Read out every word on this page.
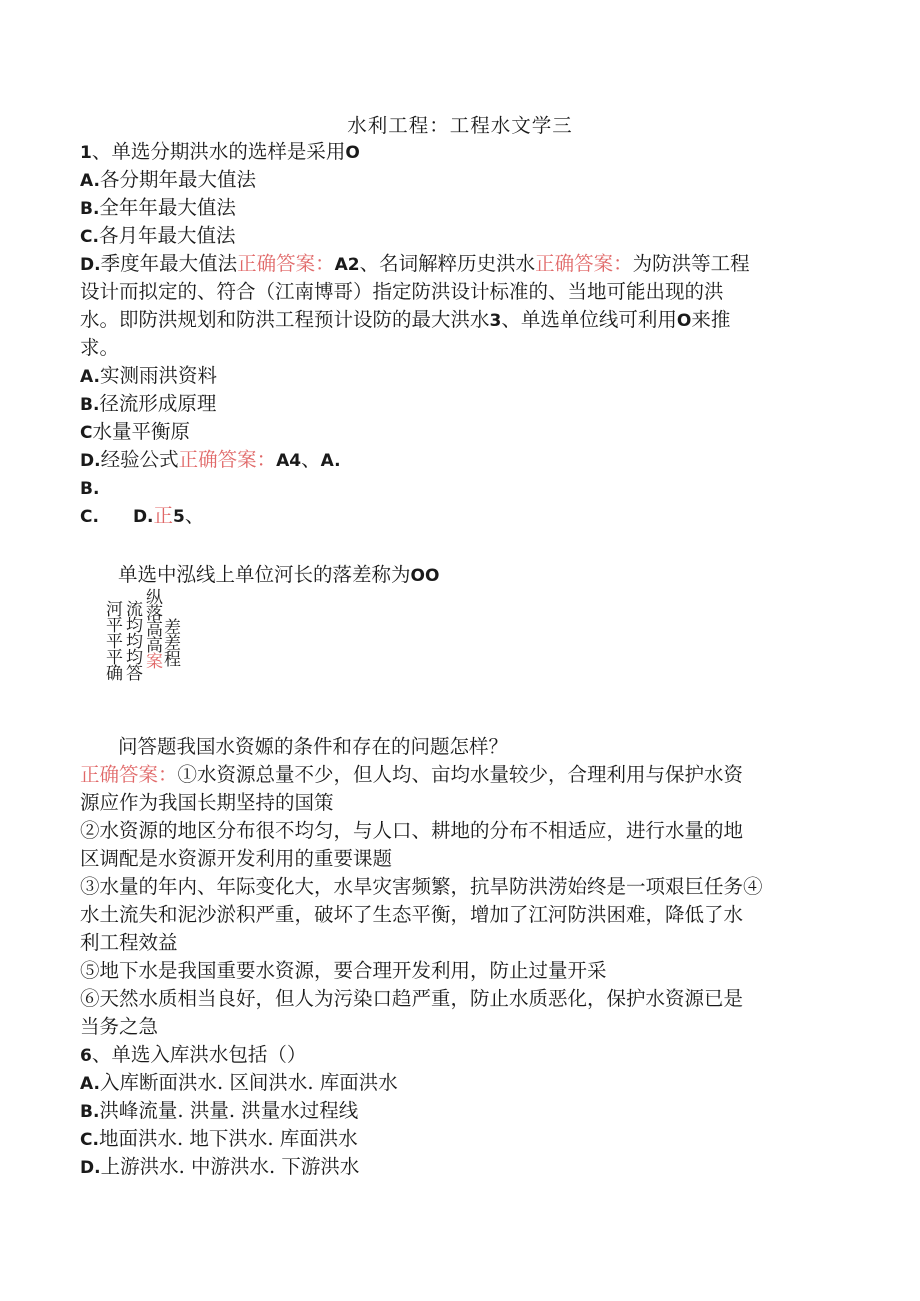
水利工程：工程水文学三
1、单选分期洪水的选样是采用O
A.各分期年最大值法
B.全年年最大值法
C.各月年最大值法
D.季度年最大值法正确答案：A2、名词解粹历史洪水正确答案：为防洪等工程
设计而拟定的、符合（江南博哥）指定防洪设计标准的、当地可能出现的洪
水。即防洪规划和防洪工程预计设防的最大洪水3、单选单位线可利用O来推
求。
A.实测雨洪资料
B.径流形成原理
C水量平衡原
D.经验公式正确答案：A4、A.
B.
C. D.正5、
单选中泓线上单位河长的落差称为OO
差差程
纵落高高案
流均均均答
河平平平确
问答题我国水资嫄的条件和存在的问题怎样？
正确答案：①水资源总量不少，但人均、亩均水量较少，合理利用与保护水资
源应作为我国长期坚持的国策
②水资源的地区分布很不均匀，与人口、耕地的分布不相适应，进行水量的地
区调配是水资源开发利用的重要课题
③水量的年内、年际变化大，水旱灾害频繁，抗旱防洪涝始终是一项艰巨任务④
水土流失和泥沙淤积严重，破坏了生态平衡，增加了江河防洪困难，降低了水
利工程效益
⑤地下水是我国重要水资源，要合理开发利用，防止过量开采
⑥天然水质相当良好，但人为污染口趋严重，防止水质恶化，保护水资源已是
当务之急
6、单选入库洪水包括（）
A.入库断面洪水. 区间洪水. 库面洪水
B.洪峰流量. 洪量. 洪量水过程线
C.地面洪水. 地下洪水. 库面洪水
D.上游洪水. 中游洪水. 下游洪水
